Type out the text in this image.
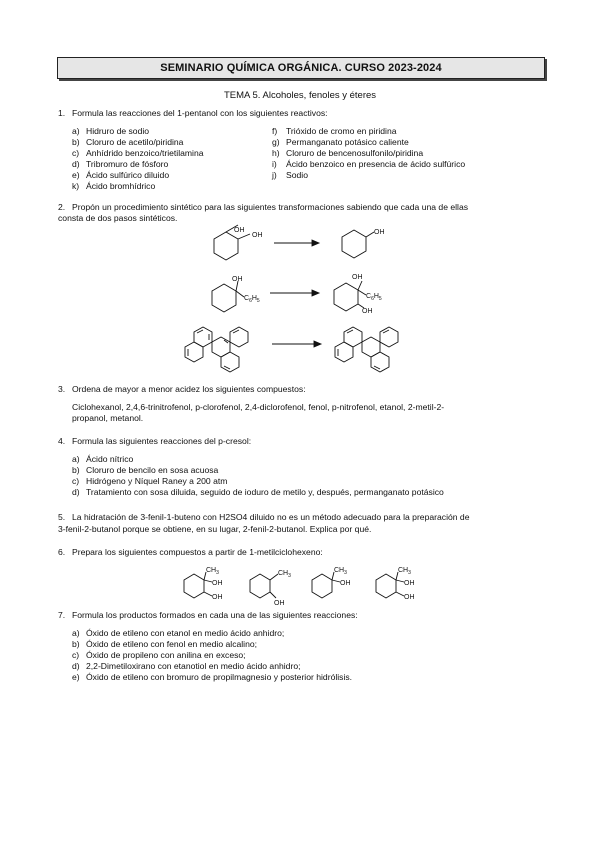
SEMINARIO QUÍMICA ORGÁNICA. CURSO 2023-2024
TEMA 5. Alcoholes, fenoles y éteres
1. Formula las reacciones del 1-pentanol con los siguientes reactivos:
a) Hidruro de sodio
b) Cloruro de acetilo/piridina
c) Anhídrido benzoico/trietilamina
d) Tribromuro de fósforo
e) Ácido sulfúrico diluido
k) Ácido bromhídrico
f) Trióxido de cromo en piridina
g) Permanganato potásico caliente
h) Cloruro de bencenosulfonilo/piridina
i) Ácido benzoico en presencia de ácido sulfúrico
j) Sodio
2. Propón un procedimiento sintético para las siguientes transformaciones sabiendo que cada una de ellas
consta de dos pasos sintéticos.
OH
OH	OH
OH
$C_6H_5$
OH
$C_6H_5$
OH
3. Ordena de mayor a menor acidez los siguientes compuestos:
Ciclohexanol, 2,4,6-trinitrofenol, p-clorofenol, 2,4-diclorofenol, fenol, p-nitrofenol, etanol, 2-metil-2-
propanol, metanol.
4. Formula las siguientes reacciones del p-cresol:
a) Ácido nítrico
b) Cloruro de bencilo en sosa acuosa
c) Hidrógeno y Níquel Raney a 200 atm
d) Tratamiento con sosa diluida, seguido de ioduro de metilo y, después, permanganato potásico
5. La hidratación de 3-fenil-1-buteno con H2SO4 diluido no es un método adecuado para la preparación de
3-fenil-2-butanol porque se obtiene, en su lugar, 2-fenil-2-butanol. Explica por qué.
6. Prepara los siguientes compuestos a partir de 1-metilciclohexeno:
$CH_3$
OH
OH
$CH_3$
OH
$CH_3$
OH
$CH_3$
OH
OH
7. Formula los productos formados en cada una de las siguientes reacciones:
a) Óxido de etileno con etanol en medio ácido anhidro;
b) Óxido de etileno con fenol en medio alcalino;
c) Óxido de propileno con anilina en exceso;
d) 2,2-Dimetiloxirano con etanotiol en medio ácido anhidro;
e) Óxido de etileno con bromuro de propilmagnesio y posterior hidrólisis.
